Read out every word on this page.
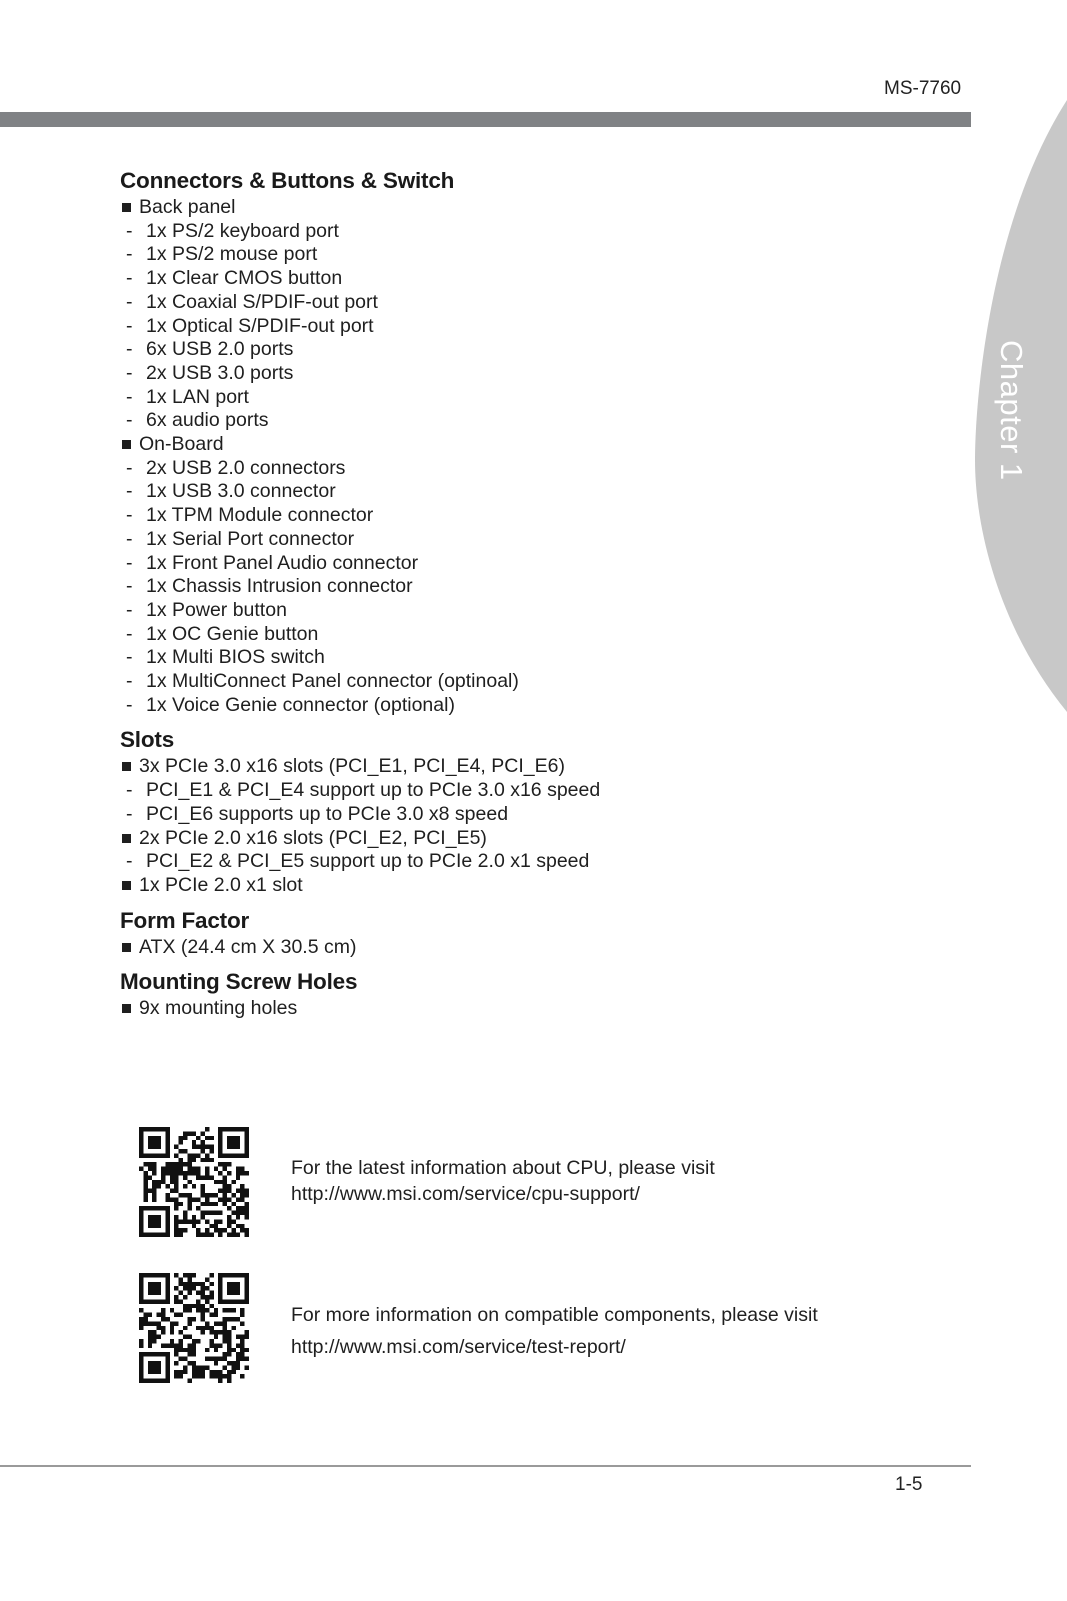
MS-7760
Chapter 1
Connectors & Buttons & Switch
Back panel
- 1x PS/2 keyboard port
- 1x PS/2 mouse port
- 1x Clear CMOS button
- 1x Coaxial S/PDIF-out port
- 1x Optical S/PDIF-out port
- 6x USB 2.0 ports
- 2x USB 3.0 ports
- 1x LAN port
- 6x audio ports
On-Board
- 2x USB 2.0 connectors
- 1x USB 3.0 connector
- 1x TPM Module connector
- 1x Serial Port connector
- 1x Front Panel Audio connector
- 1x Chassis Intrusion connector
- 1x Power button
- 1x OC Genie button
- 1x Multi BIOS switch
- 1x MultiConnect Panel connector (optinoal)
- 1x Voice Genie connector (optional)
Slots
3x PCIe 3.0 x16 slots (PCI_E1, PCI_E4, PCI_E6)
- PCI_E1 & PCI_E4 support up to PCIe 3.0 x16 speed
- PCI_E6 supports up to PCIe 3.0 x8 speed
2x PCIe 2.0 x16 slots (PCI_E2, PCI_E5)
- PCI_E2 & PCI_E5 support up to PCIe 2.0 x1 speed
1x PCIe 2.0 x1 slot
Form Factor
ATX (24.4 cm X 30.5 cm)
Mounting Screw Holes
9x mounting holes
For the latest information about CPU, please visit
http://www.msi.com/service/cpu-support/
For more information on compatible components, please visit
http://www.msi.com/service/test-report/
1-5
